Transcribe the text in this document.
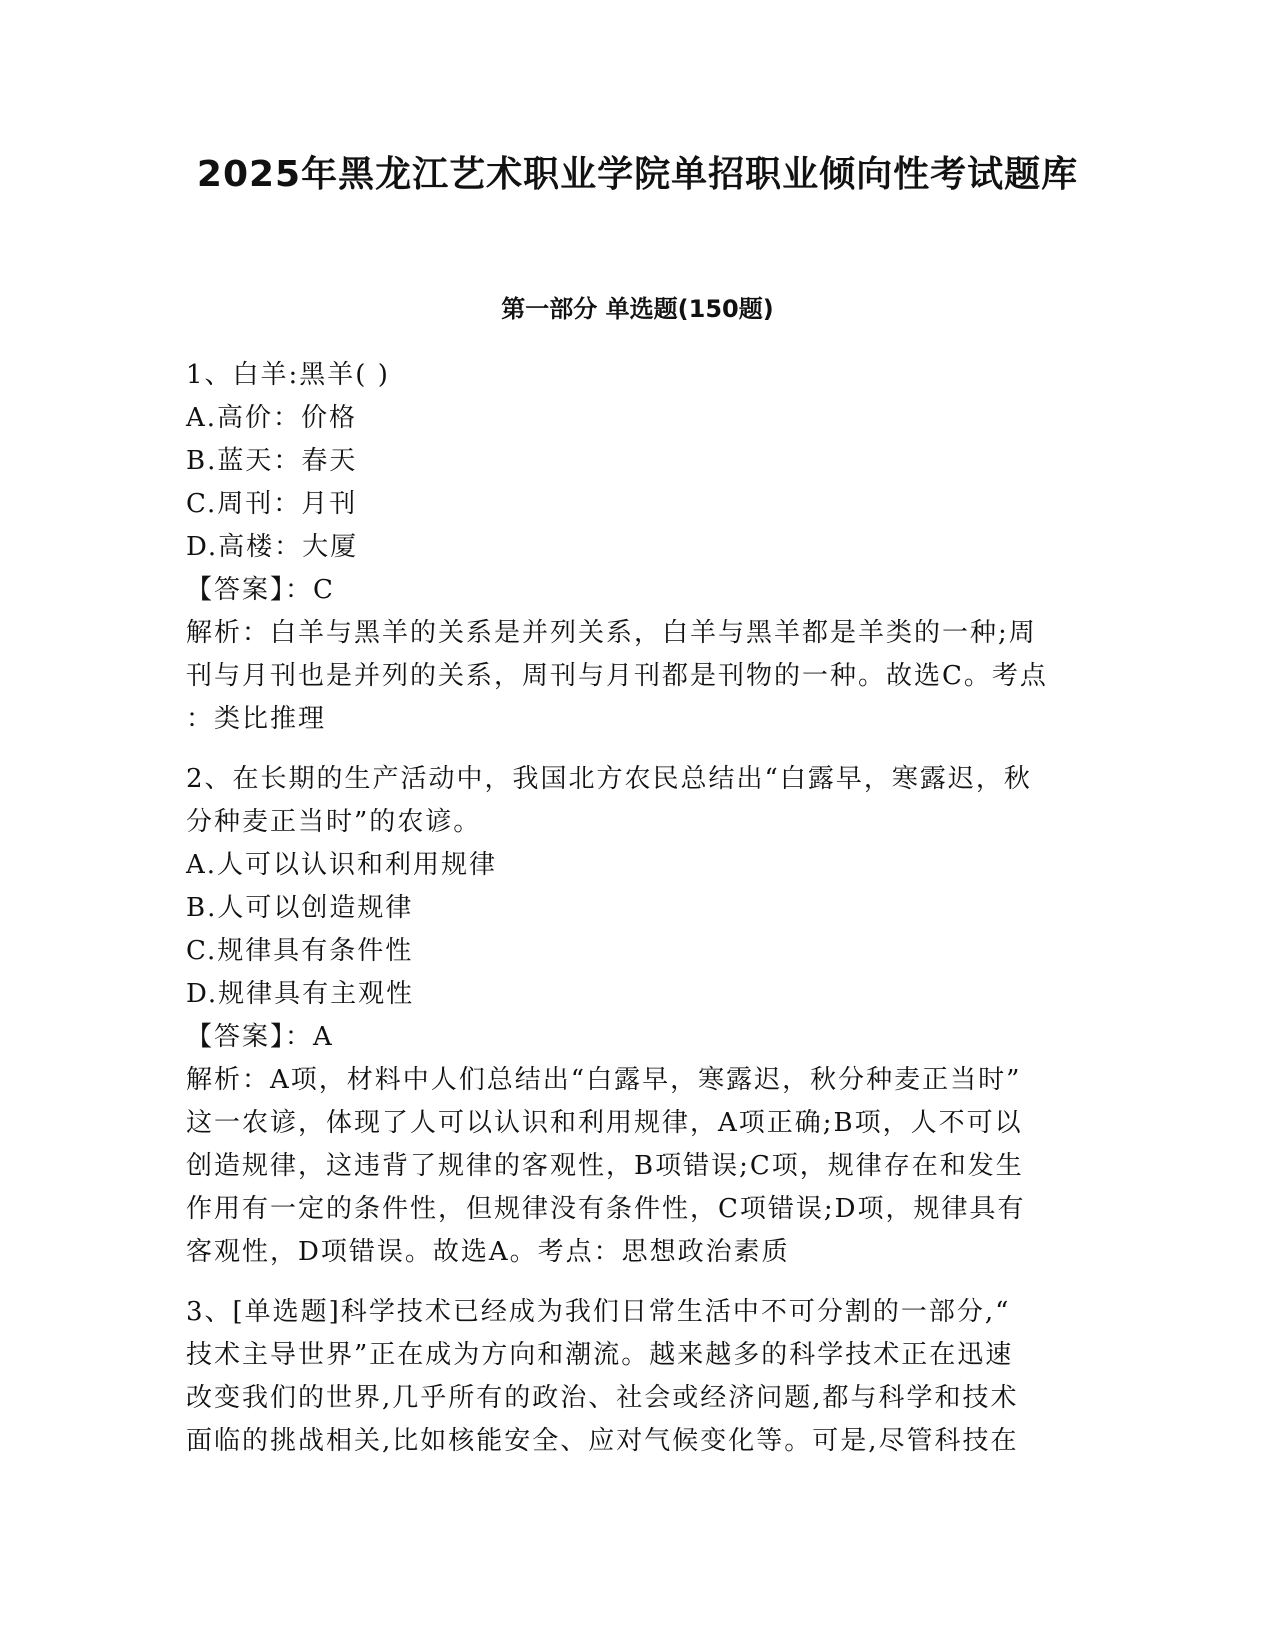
2025年黑龙江艺术职业学院单招职业倾向性考试题库
第一部分 单选题(150题)
1、白羊:黑羊( )
A.高价：价格
B.蓝天：春天
C.周刊：月刊
D.高楼：大厦
【答案】：C
解析：白羊与黑羊的关系是并列关系，白羊与黑羊都是羊类的一种;周
刊与月刊也是并列的关系，周刊与月刊都是刊物的一种。故选C。考点
：类比推理
2、在长期的生产活动中，我国北方农民总结出“白露早，寒露迟，秋
分种麦正当时”的农谚。
A.人可以认识和利用规律
B.人可以创造规律
C.规律具有条件性
D.规律具有主观性
【答案】：A
解析：A项，材料中人们总结出“白露早，寒露迟，秋分种麦正当时”
这一农谚，体现了人可以认识和利用规律，A项正确;B项，人不可以
创造规律，这违背了规律的客观性，B项错误;C项，规律存在和发生
作用有一定的条件性，但规律没有条件性，C项错误;D项，规律具有
客观性，D项错误。故选A。考点：思想政治素质
3、[单选题]科学技术已经成为我们日常生活中不可分割的一部分,“
技术主导世界”正在成为方向和潮流。越来越多的科学技术正在迅速
改变我们的世界,几乎所有的政治、社会或经济问题,都与科学和技术
面临的挑战相关,比如核能安全、应对气候变化等。可是,尽管科技在
